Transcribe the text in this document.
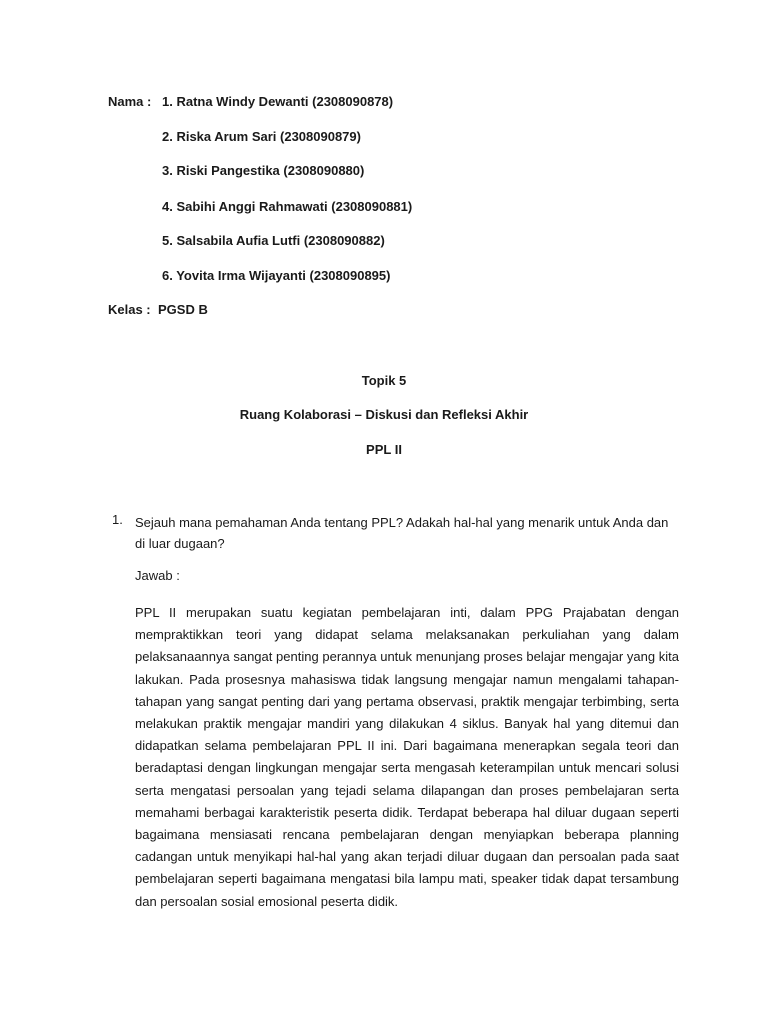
Nama : 1. Ratna Windy Dewanti (2308090878)
2. Riska Arum Sari (2308090879)
3. Riski Pangestika (2308090880)
4. Sabihi Anggi Rahmawati (2308090881)
5. Salsabila Aufia Lutfi (2308090882)
6. Yovita Irma Wijayanti (2308090895)
Kelas : PGSD B
Topik 5
Ruang Kolaborasi – Diskusi dan Refleksi Akhir
PPL II
1. Sejauh mana pemahaman Anda tentang PPL? Adakah hal-hal yang menarik untuk Anda dan di luar dugaan?
Jawab :

PPL II merupakan suatu kegiatan pembelajaran inti, dalam PPG Prajabatan dengan mempraktikkan teori yang didapat selama melaksanakan perkuliahan yang dalam pelaksanaannya sangat penting perannya untuk menunjang proses belajar mengajar yang kita lakukan. Pada prosesnya mahasiswa tidak langsung mengajar namun mengalami tahapan-tahapan yang sangat penting dari yang pertama observasi, praktik mengajar terbimbing, serta melakukan praktik mengajar mandiri yang dilakukan 4 siklus. Banyak hal yang ditemui dan didapatkan selama pembelajaran PPL II ini. Dari bagaimana menerapkan segala teori dan beradaptasi dengan lingkungan mengajar serta mengasah keterampilan untuk mencari solusi serta mengatasi persoalan yang tejadi selama dilapangan dan proses pembelajaran serta memahami berbagai karakteristik peserta didik. Terdapat beberapa hal diluar dugaan seperti bagaimana mensiasati rencana pembelajaran dengan menyiapkan beberapa planning cadangan untuk menyikapi hal-hal yang akan terjadi diluar dugaan dan persoalan pada saat pembelajaran seperti bagaimana mengatasi bila lampu mati, speaker tidak dapat tersambung dan persoalan sosial emosional peserta didik.
